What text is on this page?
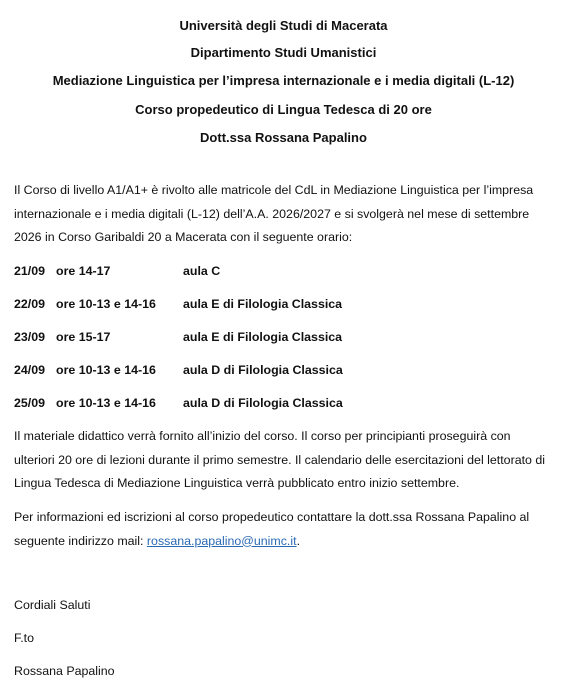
Università degli Studi di Macerata

Dipartimento Studi Umanistici

Mediazione Linguistica per l’impresa internazionale e i media digitali (L-12)

Corso propedeutico di Lingua Tedesca di 20 ore

Dott.ssa Rossana Papalino

Il Corso di livello A1/A1+ è rivolto alle matricole del CdL in Mediazione Linguistica per l’impresa internazionale e i media digitali (L-12) dell’A.A. 2026/2027 e si svolgerà nel mese di settembre 2026 in Corso Garibaldi 20 a Macerata con il seguente orario:

21/09 ore 14-17	aula C
22/09 ore 10-13 e 14-16 aula E di Filologia Classica
23/09 ore 15-17	aula E di Filologia Classica
24/09 ore 10-13 e 14-16 aula D di Filologia Classica
25/09 ore 10-13 e 14-16 aula D di Filologia Classica

Il materiale didattico verrà fornito all’inizio del corso. Il corso per principianti proseguirà con ulteriori 20 ore di lezioni durante il primo semestre. Il calendario delle esercitazioni del lettorato di Lingua Tedesca di Mediazione Linguistica verrà pubblicato entro inizio settembre.

Per informazioni ed iscrizioni al corso propedeutico contattare la dott.ssa Rossana Papalino al seguente indirizzo mail: rossana.papalino@unimc.it.

Cordiali Saluti

F.to

Rossana Papalino
